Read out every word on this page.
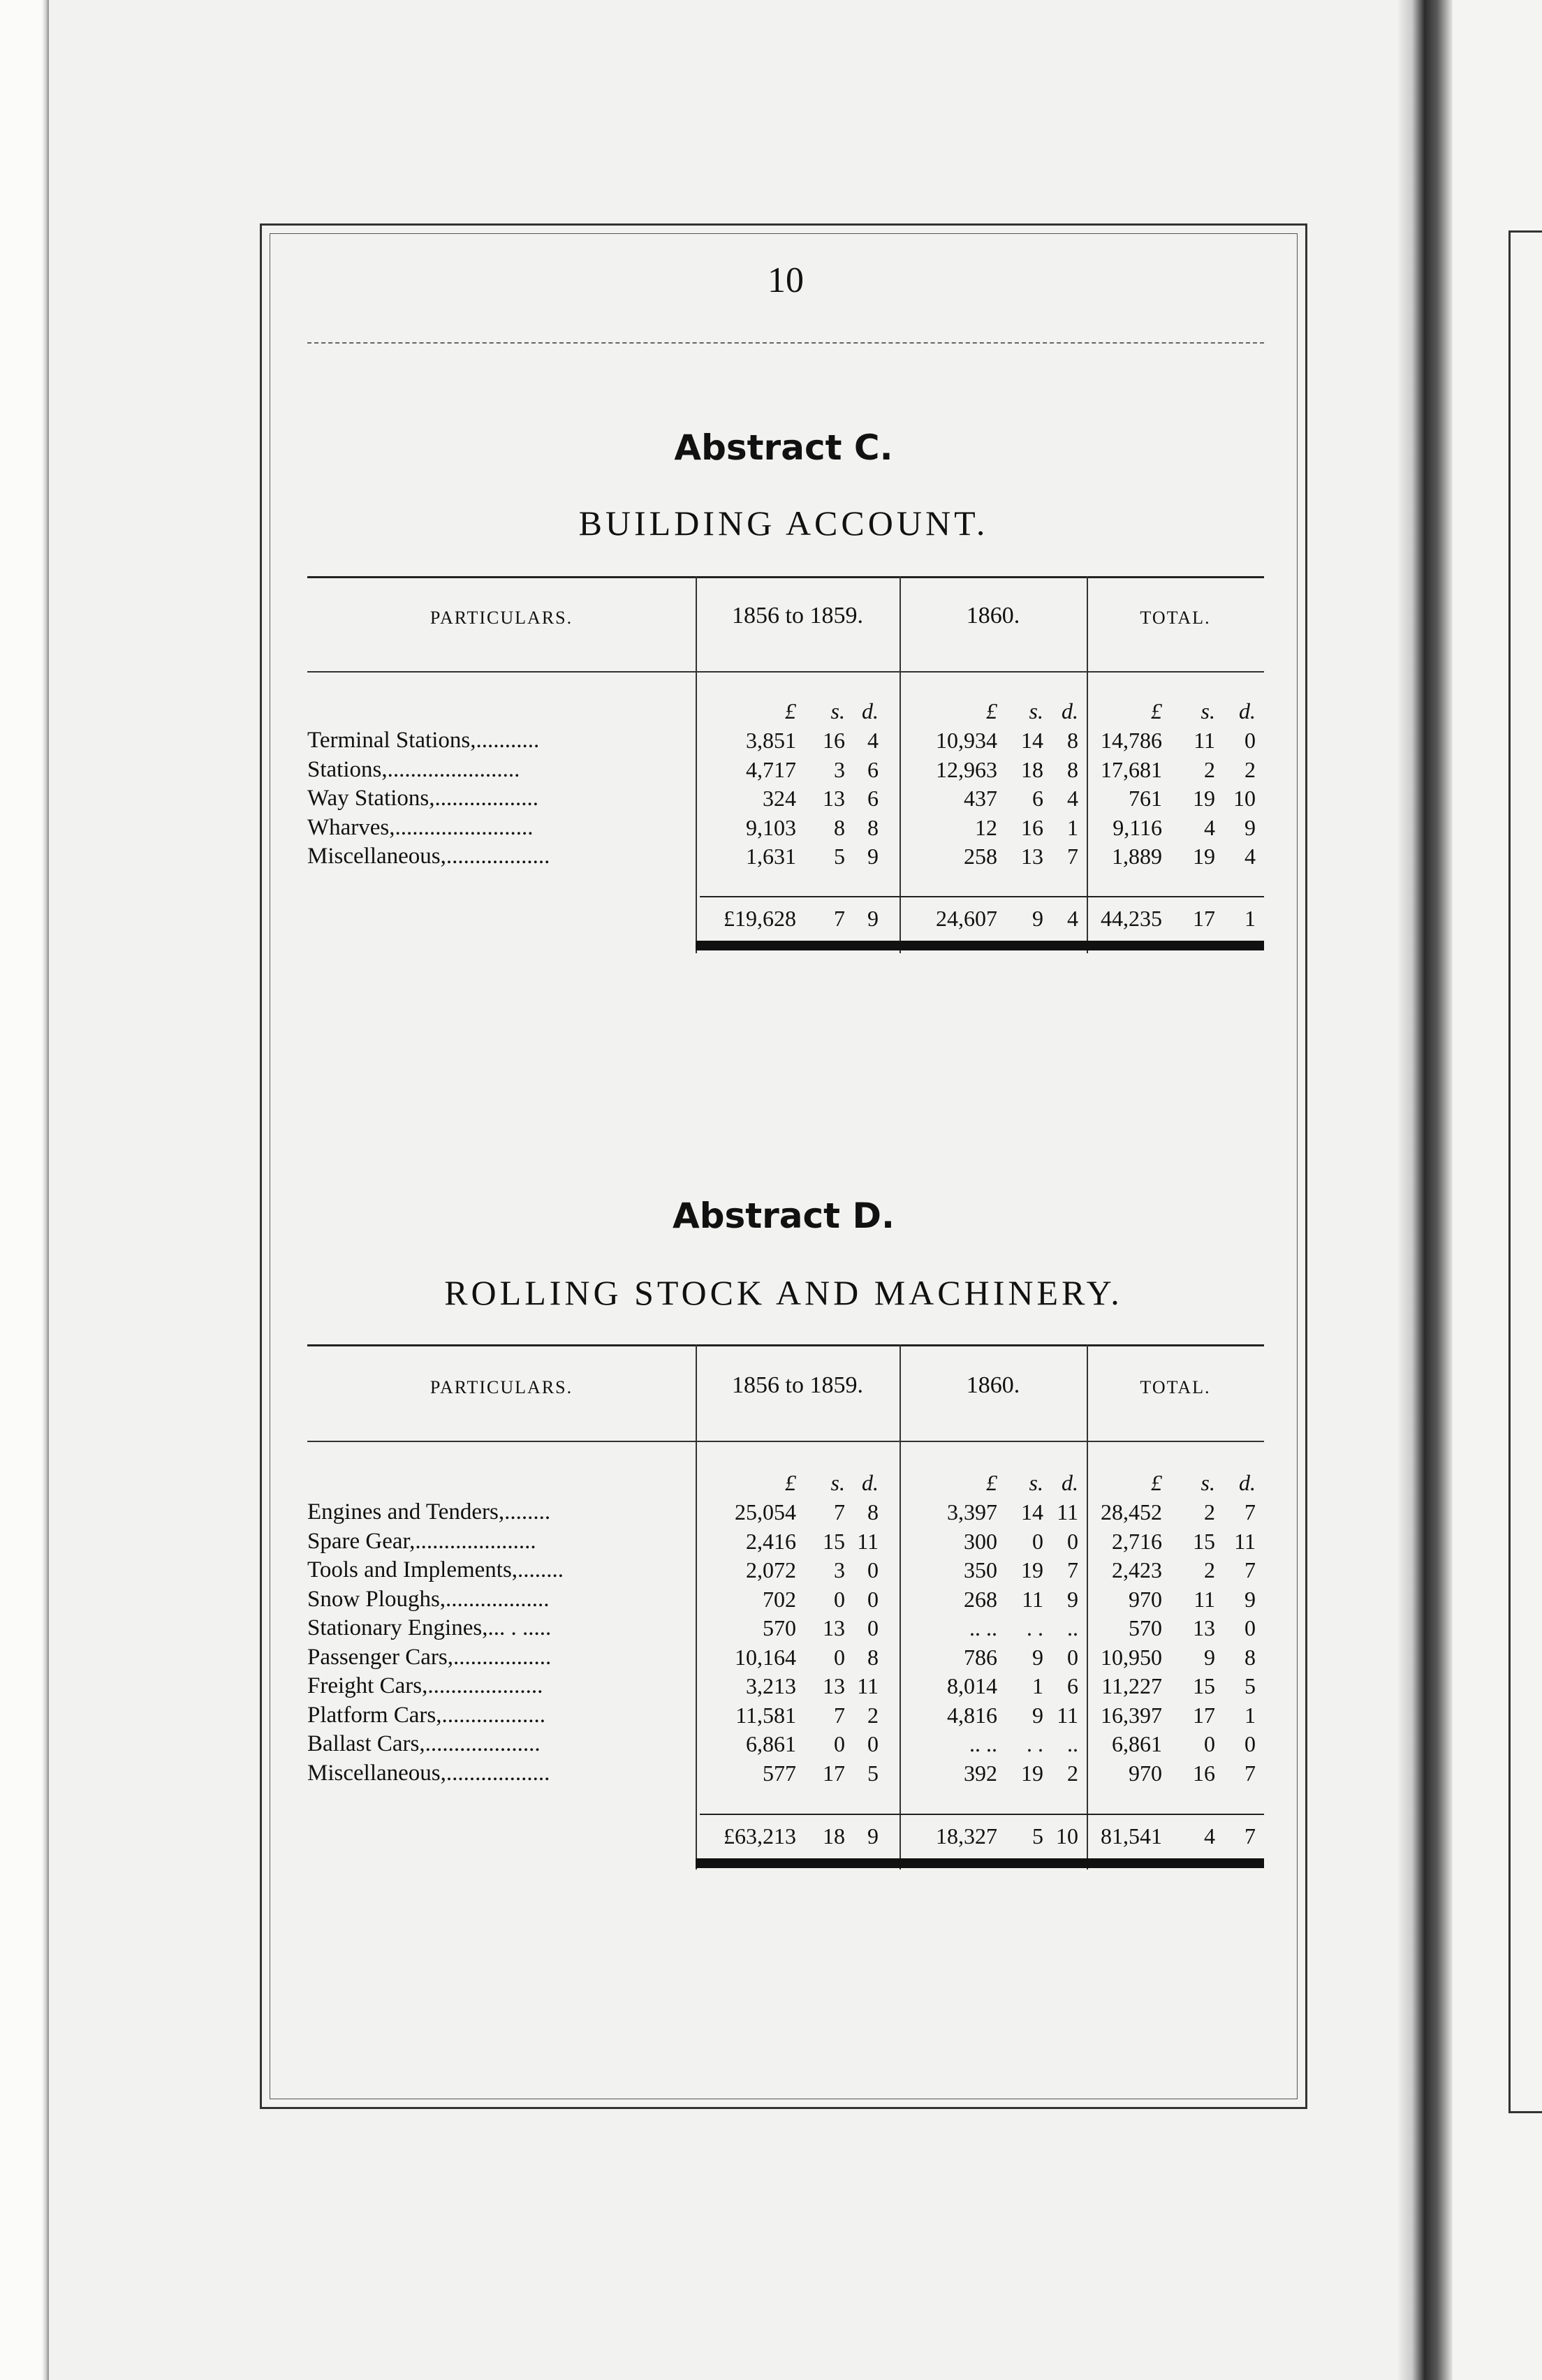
10
Abstract C.
BUILDING ACCOUNT.
PARTICULARS.	1856 to 1859.	1860.	TOTAL.
£	s. d.	£	s. d.	£	s.	d.
Terminal Stations,...........	3,851	16	4	10,934	14	8	14,786	11	0
Stations,.......................	4,717	3	6	12,963	18	8	17,681	2	2
Way Stations,..................	324	13	6	437	6	4	761	19 10
Wharves,........................	9,103	8	8	12	16	1	9,116	4	9
Miscellaneous,..................	1,631	5	9	258	13	7	1,889	19	4
£19,628	7	9	24,607	9	4	44,235	17	1
Abstract D.
ROLLING STOCK AND MACHINERY.
PARTICULARS.	1856 to 1859.	1860.	TOTAL.
£	s. d.	£	s. d.	£	s.	d.
Engines and Tenders,........	25,054	7	8	3,397	14 11	28,452	2	7
Spare Gear,.....................	2,416	15 11	300	0	0	2,716	15 11
Tools and Implements,........	2,072	3	0	350	19	7	2,423	2	7
Snow Ploughs,..................	702	0	0	268	11	9	970	11	9
Stationary Engines,... . .....	570	13	0	.. ..	. .	..	570	13	0
Passenger Cars,.................	10,164	0	8	786	9	0	10,950	9	8
Freight Cars,....................	3,213	13 11	8,014	1	6	11,227	15	5
Platform Cars,..................	11,581	7	2	4,816	9 11	16,397	17	1
Ballast Cars,....................	6,861	0	0	.. ..	. .	..	6,861	0	0
Miscellaneous,..................	577	17	5	392	19	2	970	16	7
£63,213	18	9	18,327	5 10	81,541	4	7
